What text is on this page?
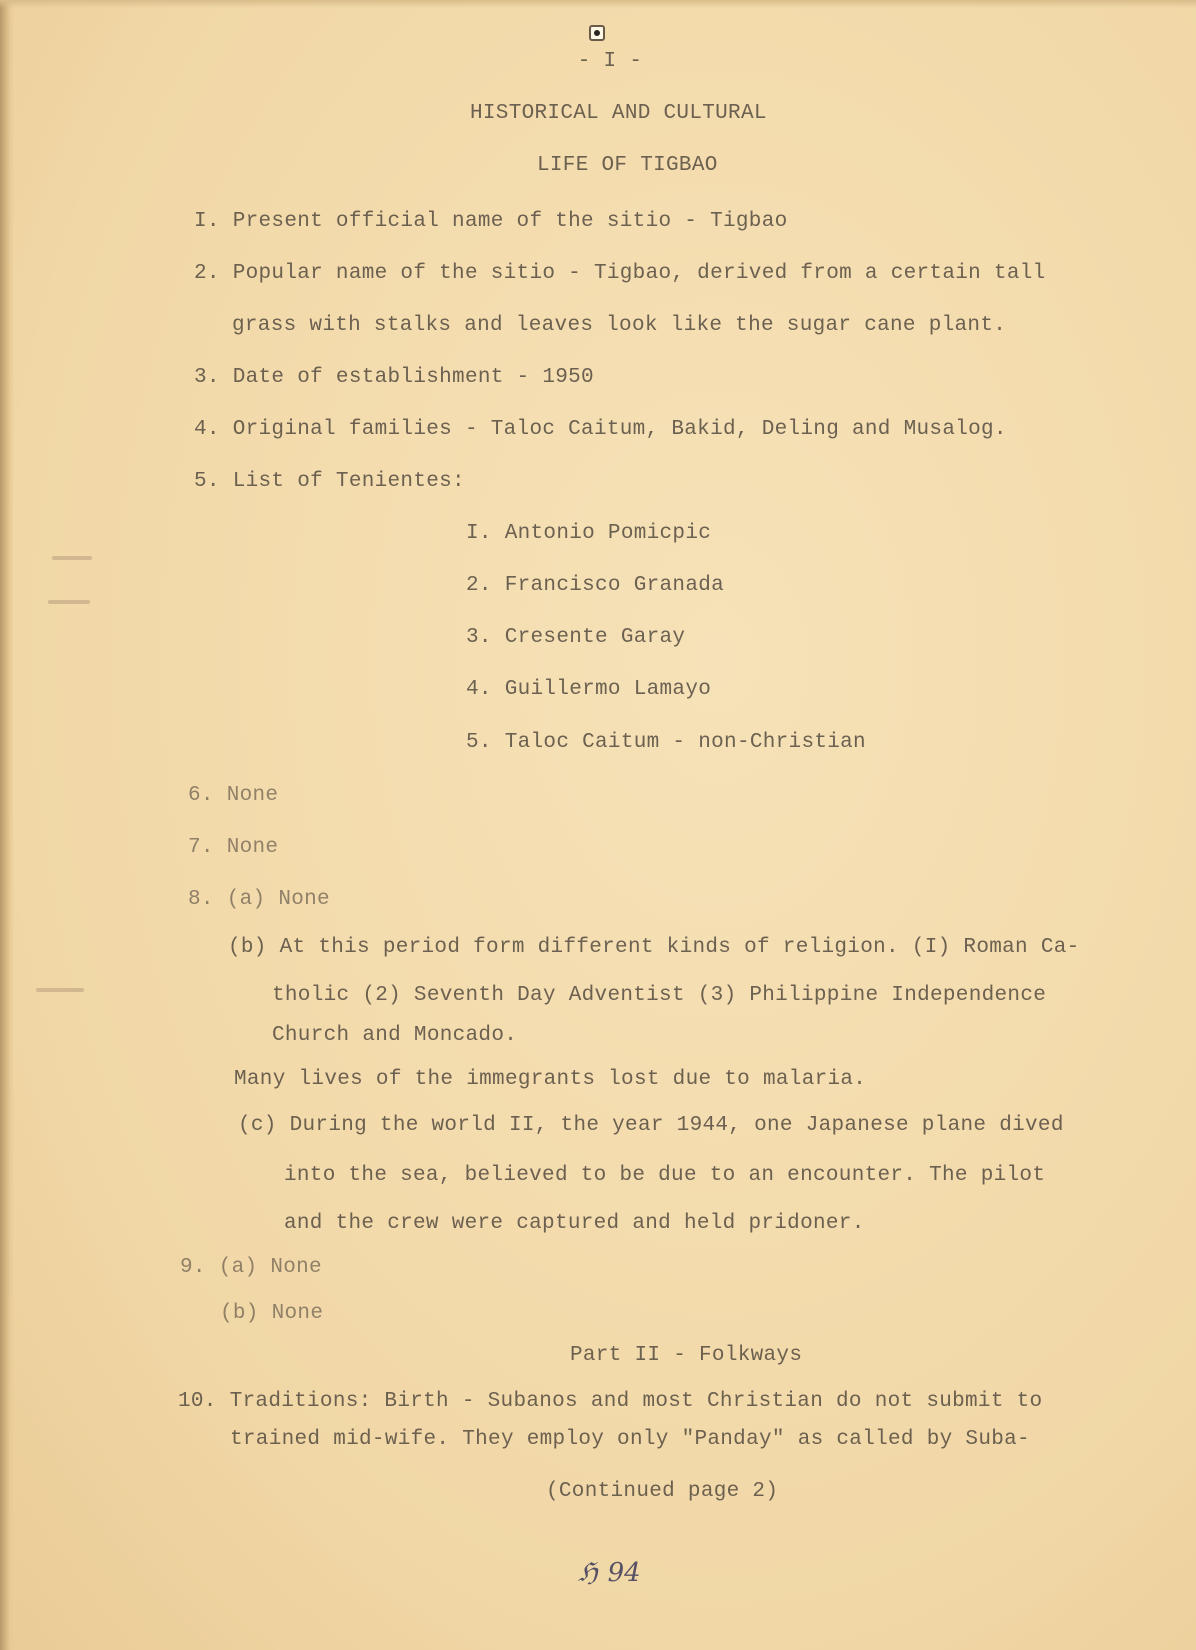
- I -
HISTORICAL AND CULTURAL
LIFE OF TIGBAO
I. Present official name of the sitio - Tigbao
2. Popular name of the sitio - Tigbao, derived from a certain tall
grass with stalks and leaves look like the sugar cane plant.
3. Date of establishment - 1950
4. Original families - Taloc Caitum, Bakid, Deling and Musalog.
5. List of Tenientes:
I. Antonio Pomicpic
2. Francisco Granada
3. Cresente Garay
4. Guillermo Lamayo
5. Taloc Caitum - non-Christian
6. None
7. None
8. (a) None
(b) At this period form different kinds of religion. (I) Roman Ca-
tholic (2) Seventh Day Adventist (3) Philippine Independence
Church and Moncado.
Many lives of the immegrants lost due to malaria.
(c) During the world II, the year 1944, one Japanese plane dived
into the sea, believed to be due to an encounter. The pilot
and the crew were captured and held pridoner.
9. (a) None
(b) None
Part II - Folkways
10. Traditions: Birth - Subanos and most Christian do not submit to
trained mid-wife. They employ only "Panday" as called by Suba-
(Continued page 2)
ℌ 94
